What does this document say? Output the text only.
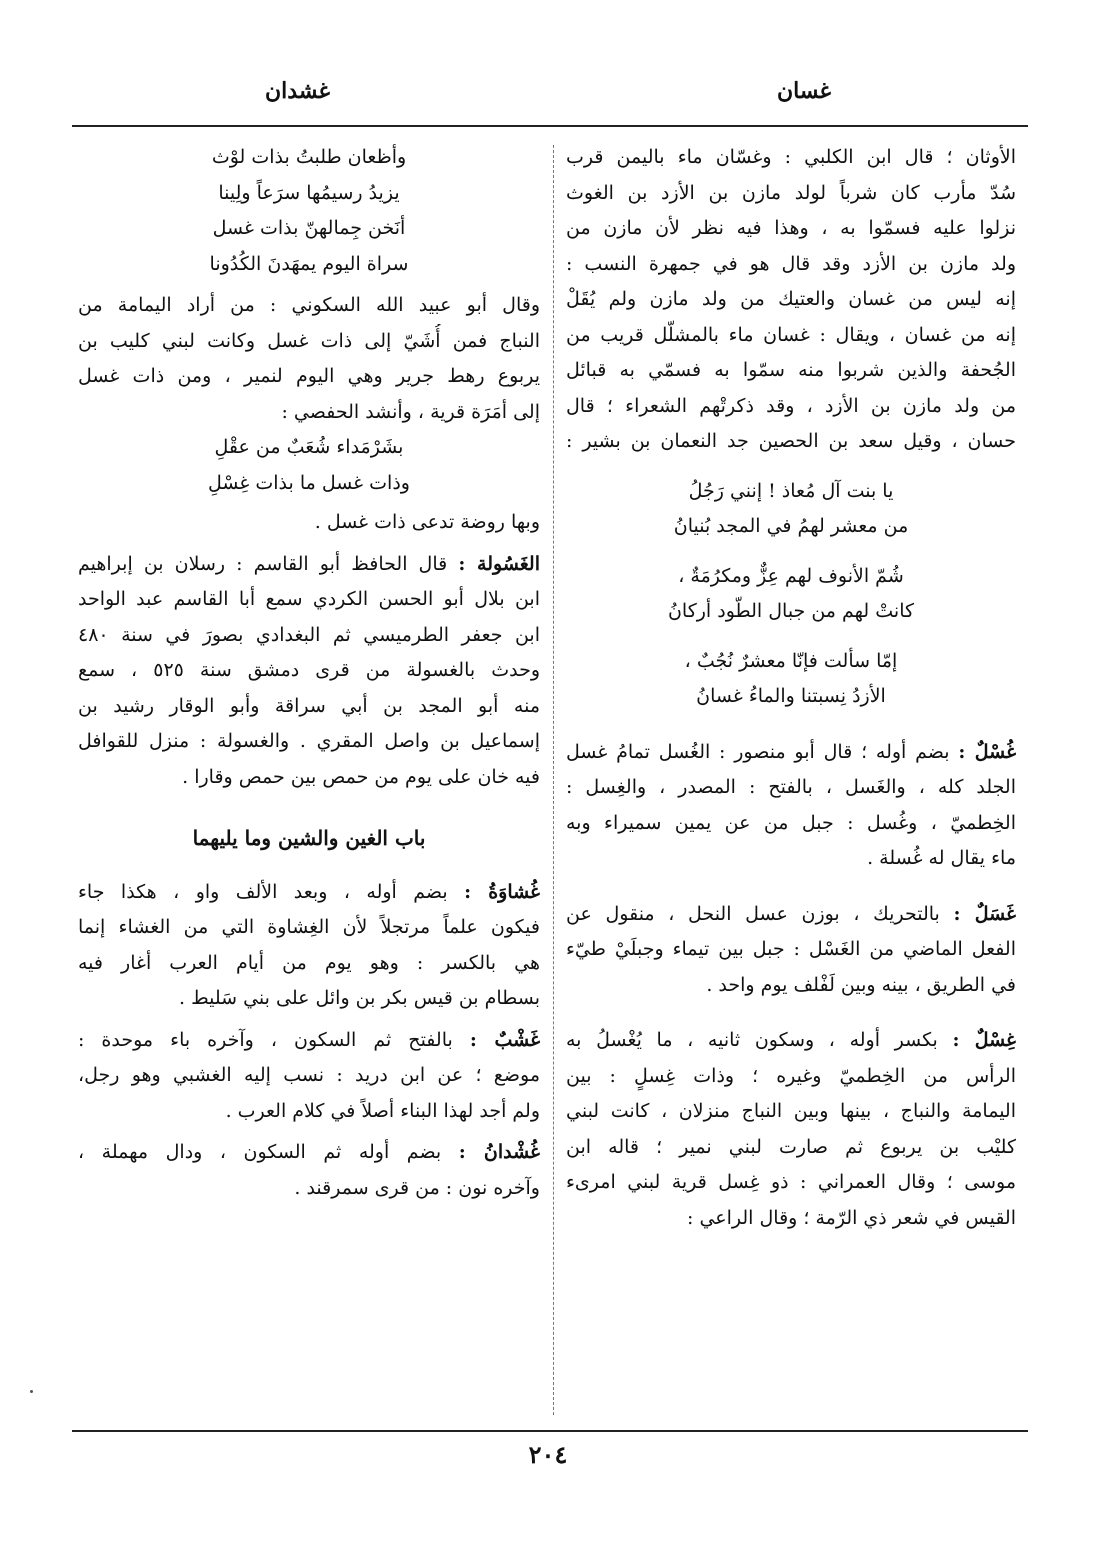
غسان
غشدان
الأوثان ؛ قال ابن الكلبي : وغسّان ماء باليمن قرب
سُدّ مأرب كان شرباً لولد مازن بن الأزد بن الغوث
نزلوا عليه فسمّوا به ، وهذا فيه نظر لأن مازن من
ولد مازن بن الأزد وقد قال هو في جمهرة النسب :
إنه ليس من غسان والعتيك من ولد مازن ولم يُقَلْ
إنه من غسان ، ويقال : غسان ماء بالمشلّل قريب من
الجُحفة والذين شربوا منه سمّوا به فسمّي به قبائل
من ولد مازن بن الأزد ، وقد ذكرتْهم الشعراء ؛ قال
حسان ، وقيل سعد بن الحصين جد النعمان بن بشير :
يا بنت آل مُعاذ ! إنني رَجُلُ
من معشر لهمُ في المجد بُنيانُ
شُمّ الأنوف لهم عِزٌّ ومكرُمَةٌ ،
كانتْ لهم من جبال الطّود أركانُ
إمّا سألت فإنّا معشرٌ نُجُبٌ ،
الأزدُ نِسبتنا والماءُ غسانُ
غُسْلٌ : بضم أوله ؛ قال أبو منصور : الغُسل تمامُ غسل
الجلد كله ، والغَسل ، بالفتح : المصدر ، والغِسل :
الخِطميّ ، وغُسل : جبل من عن يمين سميراء وبه
ماء يقال له غُسلة .
غَسَلٌ : بالتحريك ، بوزن عسل النحل ، منقول عن
الفعل الماضي من الغَسْل : جبل بين تيماء وجبلَيْ طيّء
في الطريق ، بينه وبين لَفْلف يوم واحد .
غِسْلٌ : بكسر أوله ، وسكون ثانيه ، ما يُغْسلُ به
الرأس من الخِطميّ وغيره ؛ وذات غِسلٍ : بين
اليمامة والنباج ، بينها وبين النباج منزلان ، كانت لبني
كليْب بن يربوع ثم صارت لبني نمير ؛ قاله ابن
موسى ؛ وقال العمراني : ذو غِسل قرية لبني امرىء
القيس في شعر ذي الرّمة ؛ وقال الراعي :
وأظعان طلبتُ بذات لوْث
يزيدُ رسيمُها سرَعاً ولِينا
أنَخن جِمالهنّ بذات غسل
سراة اليوم يمهَدنَ الكُدُونا
وقال أبو عبيد الله السكوني : من أراد اليمامة من
النباج فمن أُشَيّ إلى ذات غسل وكانت لبني كليب بن
يربوع رهط جرير وهي اليوم لنمير ، ومن ذات غسل
إلى أمَرَة قرية ، وأنشد الحفصي :
بشَرْمَداء شُعَبٌ من عقْلِ
وذات غسل ما بذات غِسْلِ
وبها روضة تدعى ذات غسل .
الغَسُولة : قال الحافظ أبو القاسم : رسلان بن إبراهيم
ابن بلال أبو الحسن الكردي سمع أبا القاسم عبد الواحد
ابن جعفر الطرميسي ثم البغدادي بصورَ في سنة ٤٨٠
وحدث بالغسولة من قرى دمشق سنة ٥٢٥ ، سمع
منه أبو المجد بن أبي سراقة وأبو الوقار رشيد بن
إسماعيل بن واصل المقري . والغسولة : منزل للقوافل
فيه خان على يوم من حمص بين حمص وقارا .
باب الغين والشين وما يليهما
غُشاوَةُ : بضم أوله ، وبعد الألف واو ، هكذا جاء
فيكون علماً مرتجلاً لأن الغِشاوة التي من الغشاء إنما
هي بالكسر : وهو يوم من أيام العرب أغار فيه
بسطام بن قيس بكر بن وائل على بني سَليط .
غَشْبٌ : بالفتح ثم السكون ، وآخره باء موحدة :
موضع ؛ عن ابن دريد : نسب إليه الغشبي وهو رجل،
ولم أجد لهذا البناء أصلاً في كلام العرب .
غُشْدانُ : بضم أوله ثم السكون ، ودال مهملة ،
وآخره نون : من قرى سمرقند .
٢٠٤
